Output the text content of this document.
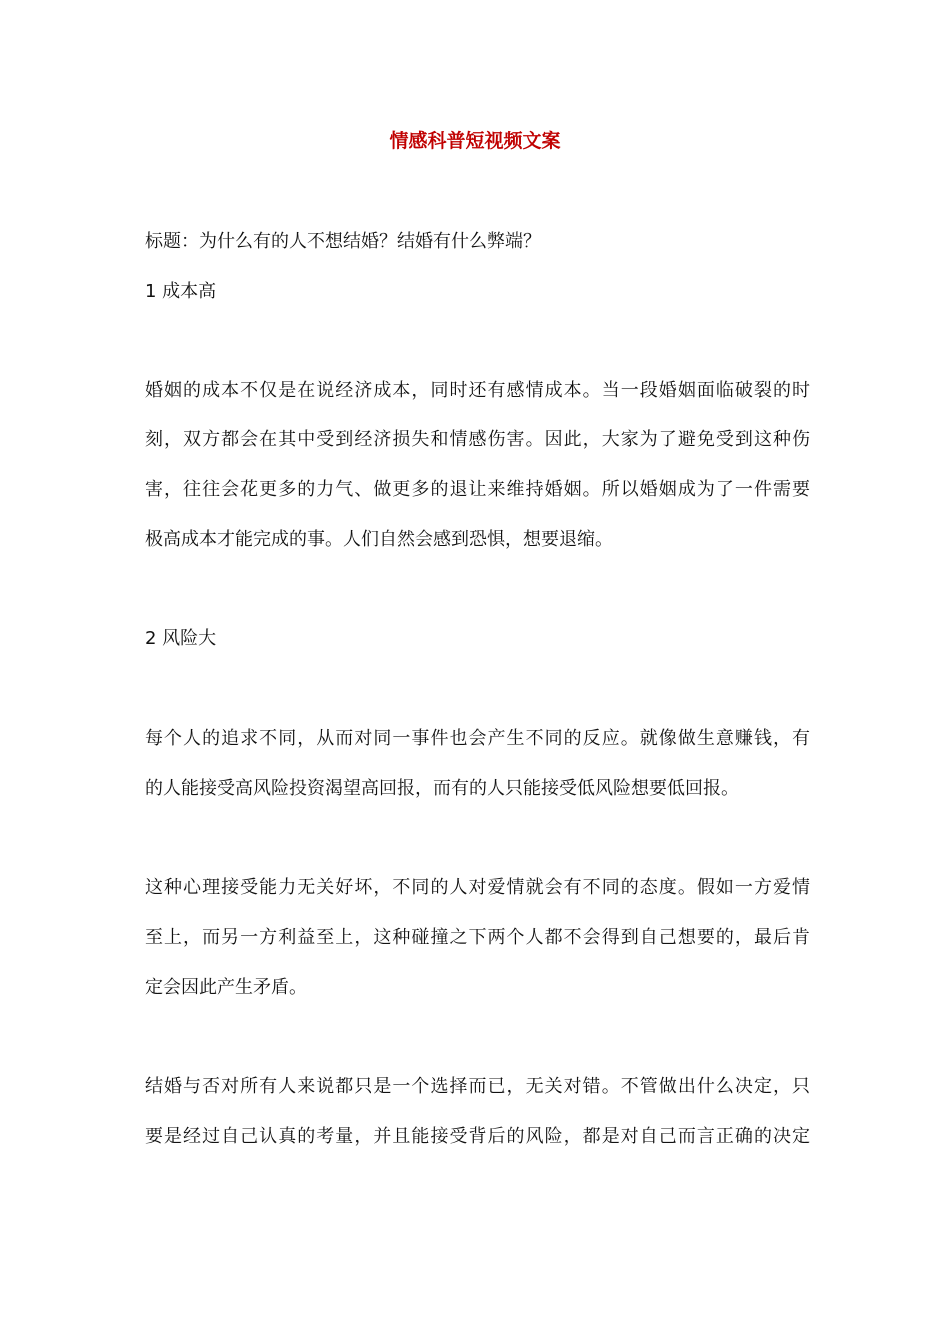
情感科普短视频文案
标题：为什么有的人不想结婚？结婚有什么弊端？
1 成本高
婚姻的成本不仅是在说经济成本，同时还有感情成本。当一段婚姻面临破裂的时
刻，双方都会在其中受到经济损失和情感伤害。因此，大家为了避免受到这种伤
害，往往会花更多的力气、做更多的退让来维持婚姻。所以婚姻成为了一件需要
极高成本才能完成的事。人们自然会感到恐惧，想要退缩。
2 风险大
每个人的追求不同，从而对同一事件也会产生不同的反应。就像做生意赚钱，有
的人能接受高风险投资渴望高回报，而有的人只能接受低风险想要低回报。
这种心理接受能力无关好坏，不同的人对爱情就会有不同的态度。假如一方爱情
至上，而另一方利益至上，这种碰撞之下两个人都不会得到自己想要的，最后肯
定会因此产生矛盾。
结婚与否对所有人来说都只是一个选择而已，无关对错。不管做出什么决定，只
要是经过自己认真的考量，并且能接受背后的风险，都是对自己而言正确的决定
